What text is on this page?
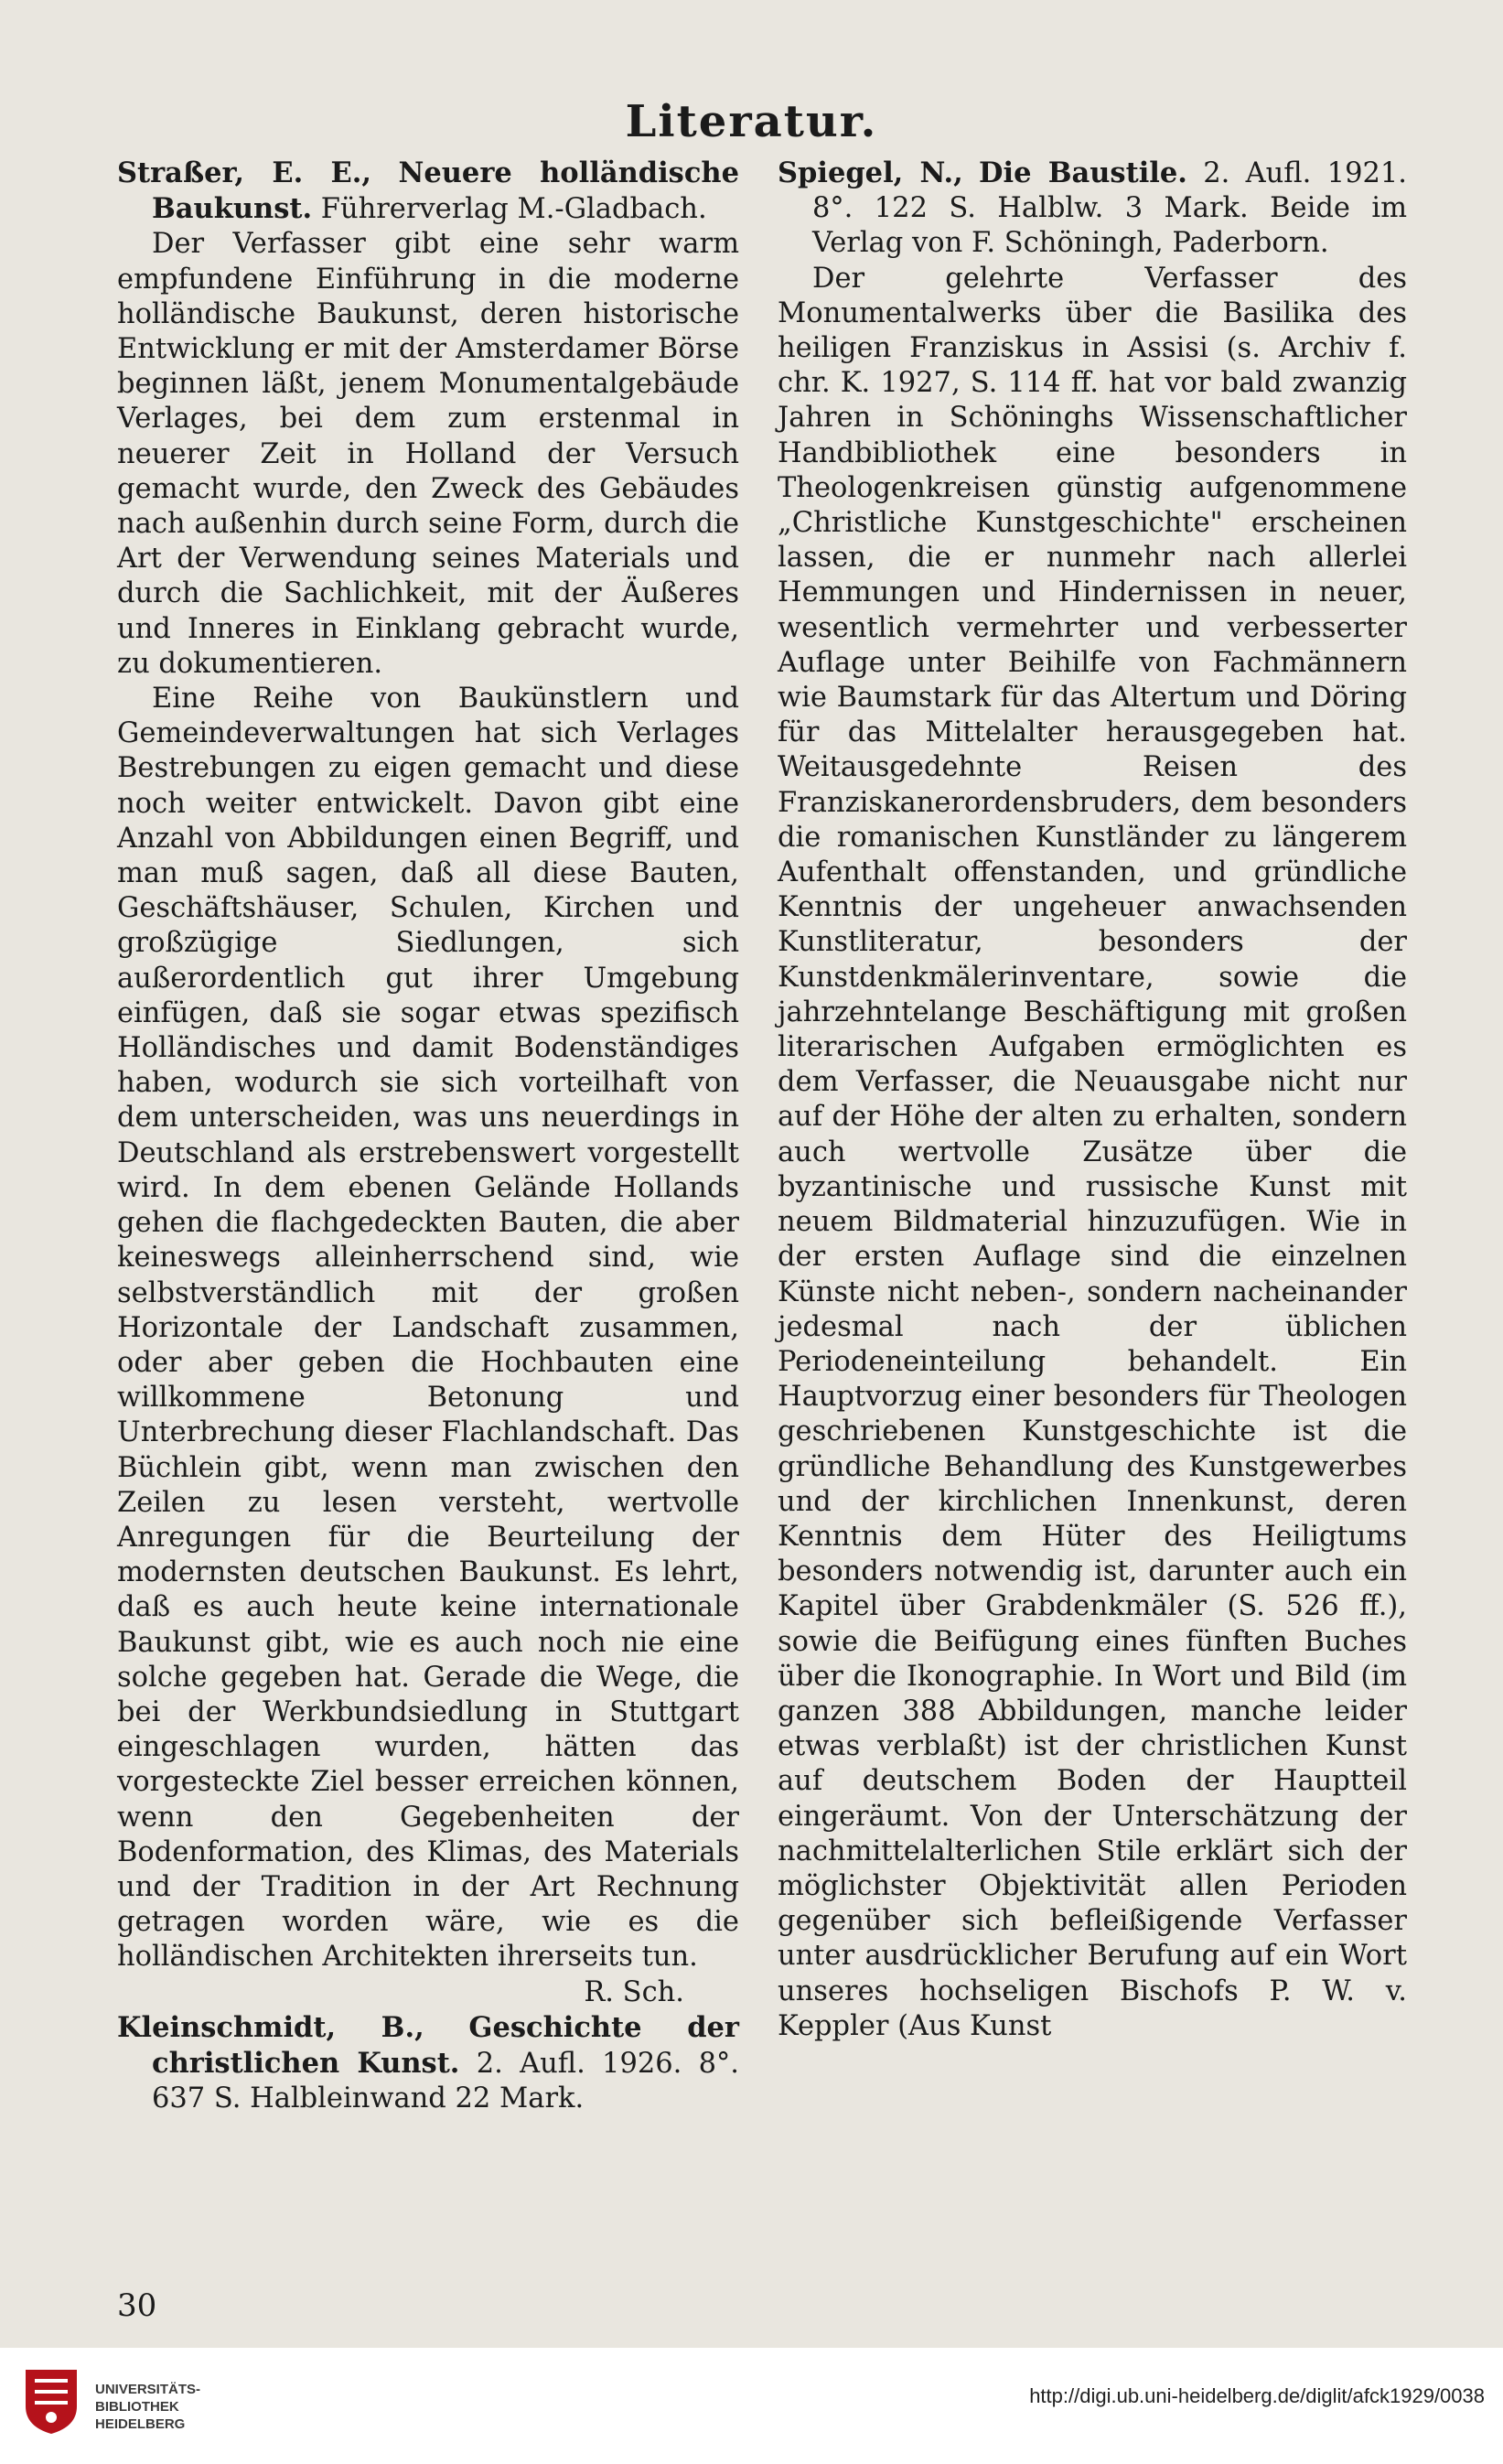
Literatur.

Straßer, E. E., Neuere holländische Baukunst. Führerverlag M.-Gladbach.

Der Verfasser gibt eine sehr warm empfundene Einführung in die moderne holländische Baukunst, deren historische Entwicklung er mit der Amsterdamer Börse beginnen läßt, jenem Monumentalgebäude Verlages, bei dem zum erstenmal in neuerer Zeit in Holland der Versuch gemacht wurde, den Zweck des Gebäudes nach außenhin durch seine Form, durch die Art der Verwendung seines Materials und durch die Sachlichkeit, mit der Äußeres und Inneres in Einklang gebracht wurde, zu dokumentieren.

Eine Reihe von Baukünstlern und Gemeindeverwaltungen hat sich Verlages Bestrebungen zu eigen gemacht und diese noch weiter entwickelt. Davon gibt eine Anzahl von Abbildungen einen Begriff, und man muß sagen, daß all diese Bauten, Geschäftshäuser, Schulen, Kirchen und großzügige Siedlungen, sich außerordentlich gut ihrer Umgebung einfügen, daß sie sogar etwas spezifisch Holländisches und damit Bodenständiges haben, wodurch sie sich vorteilhaft von dem unterscheiden, was uns neuerdings in Deutschland als erstrebenswert vorgestellt wird. In dem ebenen Gelände Hollands gehen die flachgedeckten Bauten, die aber keineswegs alleinherrschend sind, wie selbstverständlich mit der großen Horizontale der Landschaft zusammen, oder aber geben die Hochbauten eine willkommene Betonung und Unterbrechung dieser Flachlandschaft. Das Büchlein gibt, wenn man zwischen den Zeilen zu lesen versteht, wertvolle Anregungen für die Beurteilung der modernsten deutschen Baukunst. Es lehrt, daß es auch heute keine internationale Baukunst gibt, wie es auch noch nie eine solche gegeben hat. Gerade die Wege, die bei der Werkbundsiedlung in Stuttgart eingeschlagen wurden, hätten das vorgesteckte Ziel besser erreichen können, wenn den Gegebenheiten der Bodenformation, des Klimas, des Materials und der Tradition in der Art Rechnung getragen worden wäre, wie es die holländischen Architekten ihrerseits tun.

R. Sch.

Kleinschmidt, B., Geschichte der christlichen Kunst. 2. Aufl. 1926. 8°. 637 S. Halbleinwand 22 Mark.

Spiegel, N., Die Baustile. 2. Aufl. 1921. 8°. 122 S. Halblw. 3 Mark. Beide im Verlag von F. Schöningh, Paderborn.

Der gelehrte Verfasser des Monumentalwerks über die Basilika des heiligen Franziskus in Assisi (s. Archiv f. chr. K. 1927, S. 114 ff. hat vor bald zwanzig Jahren in Schöninghs Wissenschaftlicher Handbibliothek eine besonders in Theologenkreisen günstig aufgenommene „Christliche Kunstgeschichte" erscheinen lassen, die er nunmehr nach allerlei Hemmungen und Hindernissen in neuer, wesentlich vermehrter und verbesserter Auflage unter Beihilfe von Fachmännern wie Baumstark für das Altertum und Döring für das Mittelalter herausgegeben hat. Weitausgedehnte Reisen des Franziskanerordensbruders, dem besonders die romanischen Kunstländer zu längerem Aufenthalt offenstanden, und gründliche Kenntnis der ungeheuer anwachsenden Kunstliteratur, besonders der Kunstdenkmälerinventare, sowie die jahrzehntelange Beschäftigung mit großen literarischen Aufgaben ermöglichten es dem Verfasser, die Neuausgabe nicht nur auf der Höhe der alten zu erhalten, sondern auch wertvolle Zusätze über die byzantinische und russische Kunst mit neuem Bildmaterial hinzuzufügen. Wie in der ersten Auflage sind die einzelnen Künste nicht neben-, sondern nacheinander jedesmal nach der üblichen Periodeneinteilung behandelt. Ein Hauptvorzug einer besonders für Theologen geschriebenen Kunstgeschichte ist die gründliche Behandlung des Kunstgewerbes und der kirchlichen Innenkunst, deren Kenntnis dem Hüter des Heiligtums besonders notwendig ist, darunter auch ein Kapitel über Grabdenkmäler (S. 526 ff.), sowie die Beifügung eines fünften Buches über die Ikonographie. In Wort und Bild (im ganzen 388 Abbildungen, manche leider etwas verblaßt) ist der christlichen Kunst auf deutschem Boden der Hauptteil eingeräumt. Von der Unterschätzung der nachmittelalterlichen Stile erklärt sich der möglichster Objektivität allen Perioden gegenüber sich befleißigende Verfasser unter ausdrücklicher Berufung auf ein Wort unseres hochseligen Bischofs P. W. v. Keppler (Aus Kunst

30

UNIVERSITÄTS-
BIBLIOTHEK
HEIDELBERG
http://digi.ub.uni-heidelberg.de/diglit/afck1929/0038
